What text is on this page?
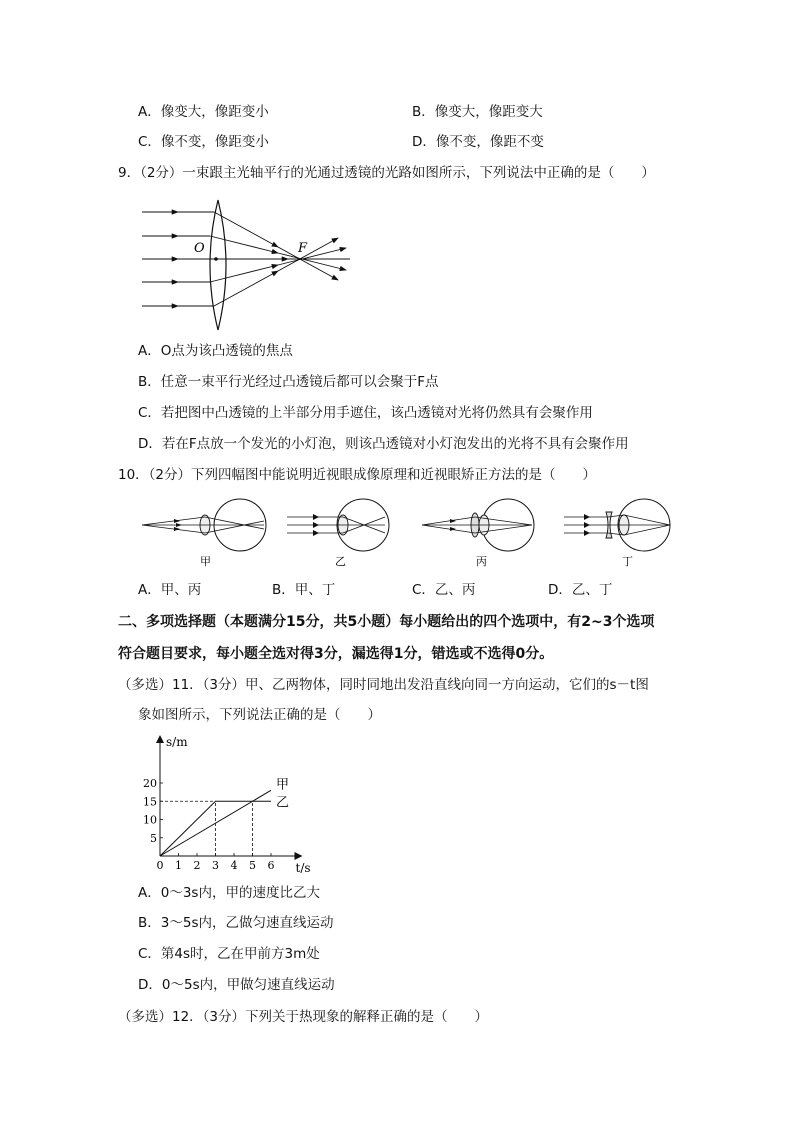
A．像变大，像距变小	B．像变大，像距变大
C．像不变，像距变小	D．像不变，像距不变
9．（2分）一束跟主光轴平行的光通过透镜的光路如图所示，下列说法中正确的是（　　）
O	F
A．O点为该凸透镜的焦点
B．任意一束平行光经过凸透镜后都可以会聚于F点
C．若把图中凸透镜的上半部分用手遮住，该凸透镜对光将仍然具有会聚作用
D．若在F点放一个发光的小灯泡，则该凸透镜对小灯泡发出的光将不具有会聚作用
10．（2分）下列四幅图中能说明近视眼成像原理和近视眼矫正方法的是（　　）
甲	乙	丙	丁
A．甲、丙	B．甲、丁	C．乙、丙	D．乙、丁
二、多项选择题（本题满分15分，共5小题）每小题给出的四个选项中，有2~3个选项
符合题目要求，每小题全选对得3分，漏选得1分，错选或不选得0分。
（多选）11．（3分）甲、乙两物体，同时同地出发沿直线向同一方向运动，它们的s－t图
象如图所示，下列说法正确的是（　　）
s/m
t/s
0 1 2 3 4 5 6
5
10
15
20	甲
乙
A．0～3s内，甲的速度比乙大
B．3～5s内，乙做匀速直线运动
C．第4s时，乙在甲前方3m处
D．0～5s内，甲做匀速直线运动
（多选）12．（3分）下列关于热现象的解释正确的是（　　）
